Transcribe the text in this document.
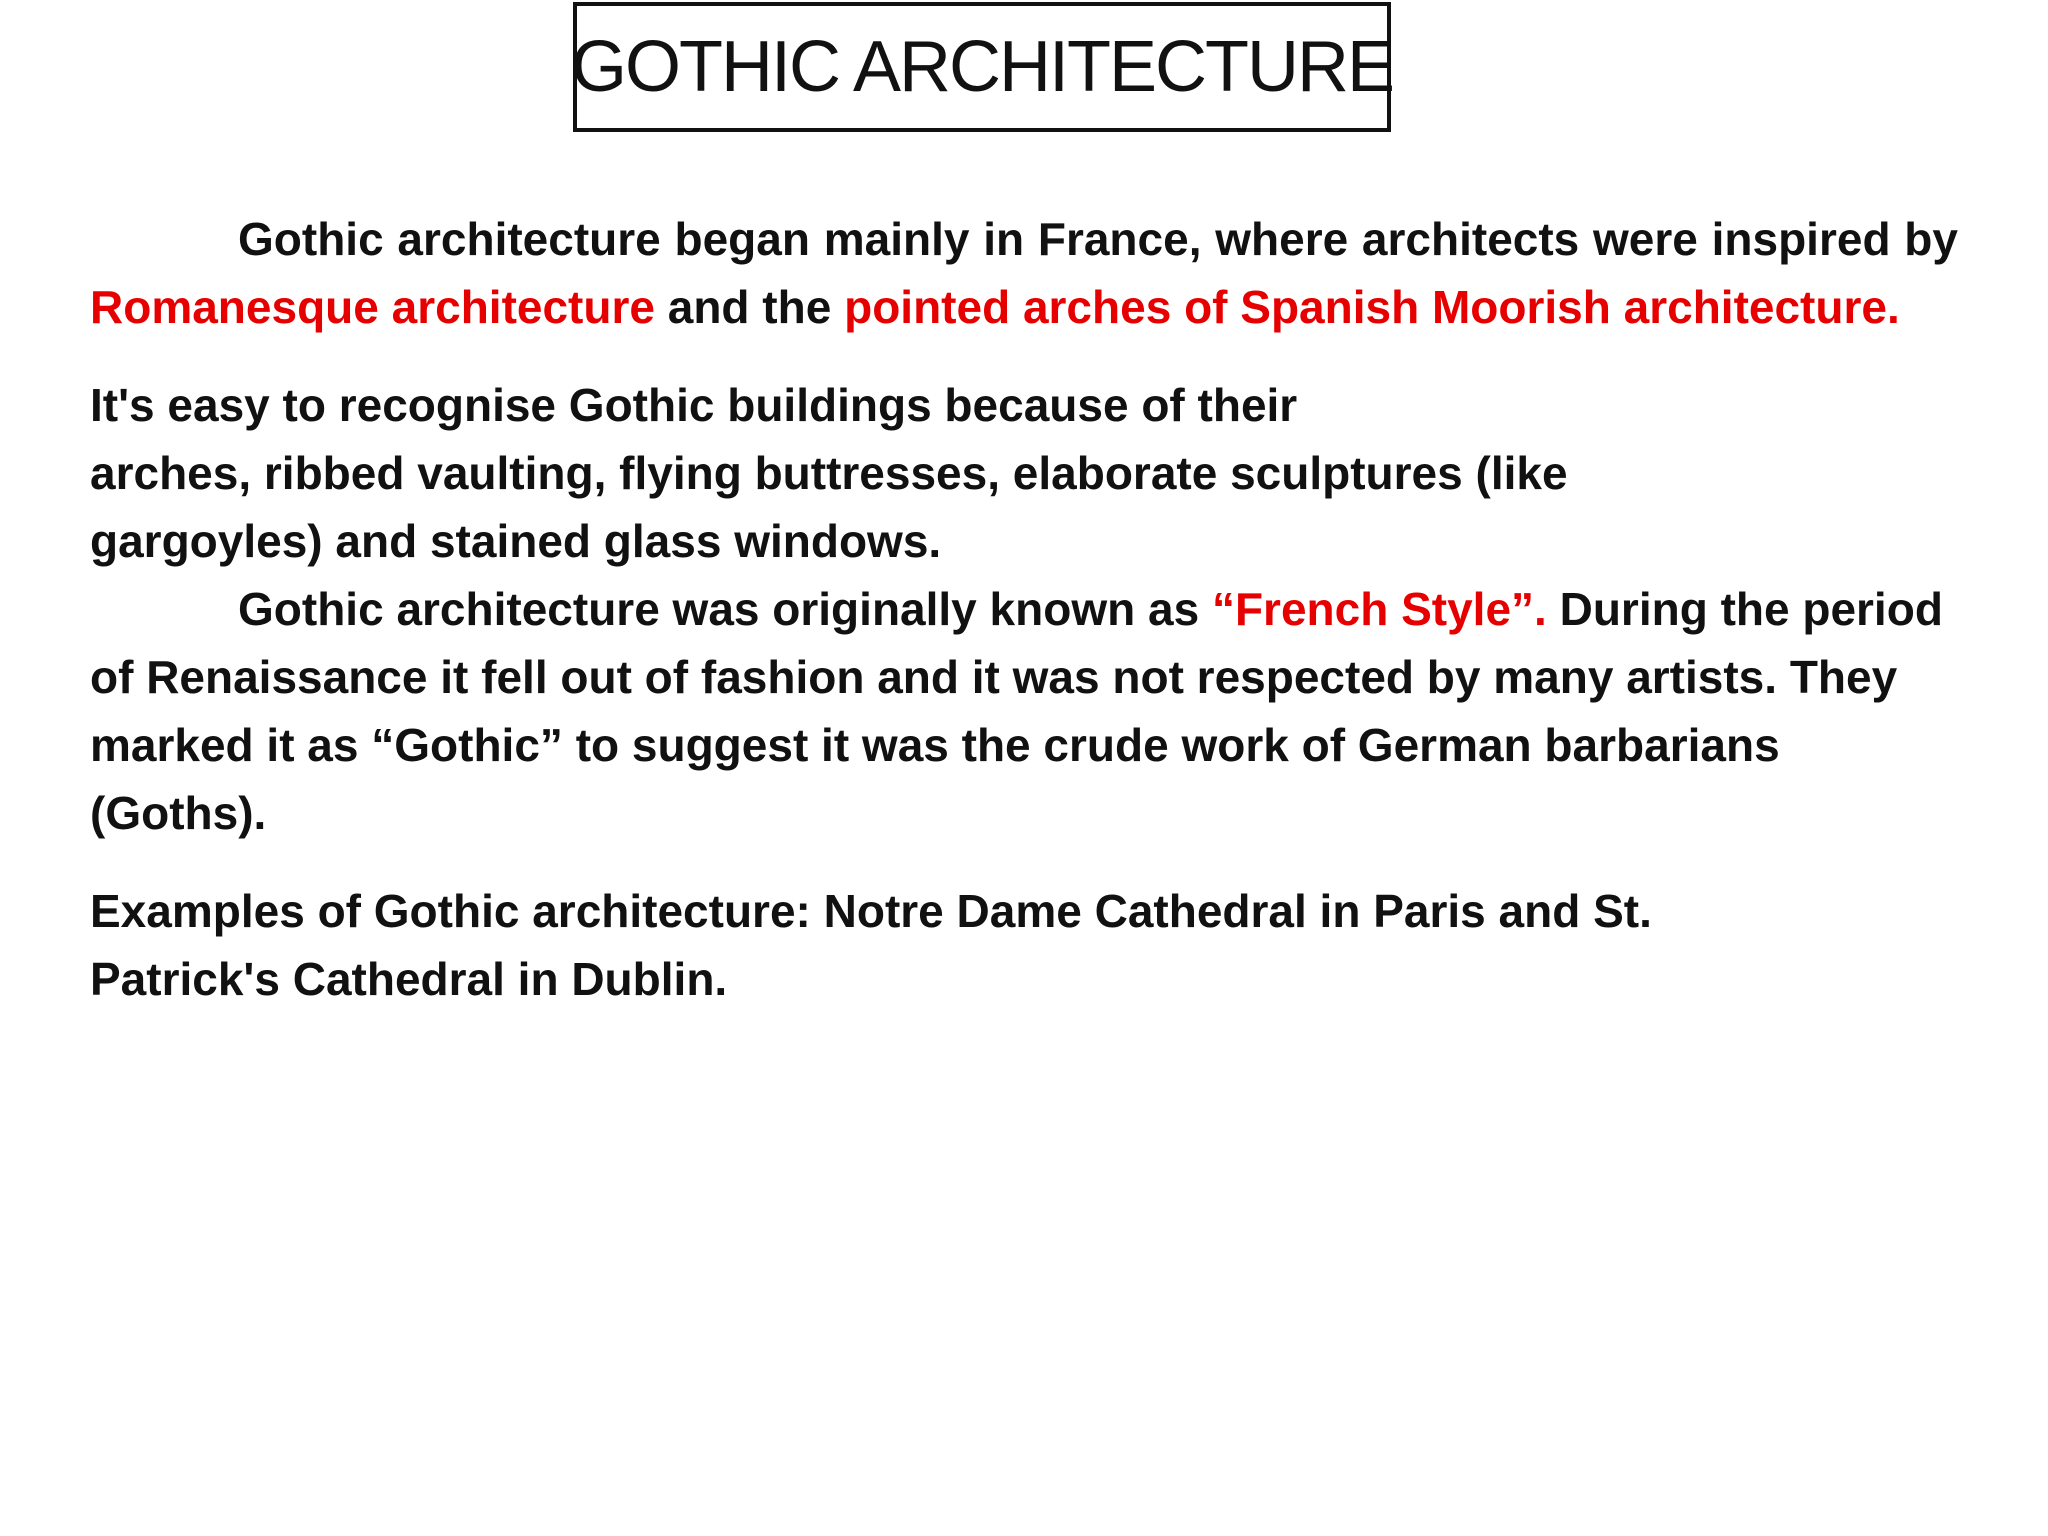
GOTHIC ARCHITECTURE

Gothic architecture began mainly in France, where architects were inspired by Romanesque architecture and the pointed arches of Spanish Moorish architecture.

It's easy to recognise Gothic buildings because of their
arches, ribbed vaulting, flying buttresses, elaborate sculptures (like
gargoyles) and stained glass windows.

Gothic architecture was originally known as “French Style”. During the period of Renaissance it fell out of fashion and it was not respected by many artists. They marked it as “Gothic” to suggest it was the crude work of German barbarians (Goths).

Examples of Gothic architecture: Notre Dame Cathedral in Paris and St.
Patrick's Cathedral in Dublin.
